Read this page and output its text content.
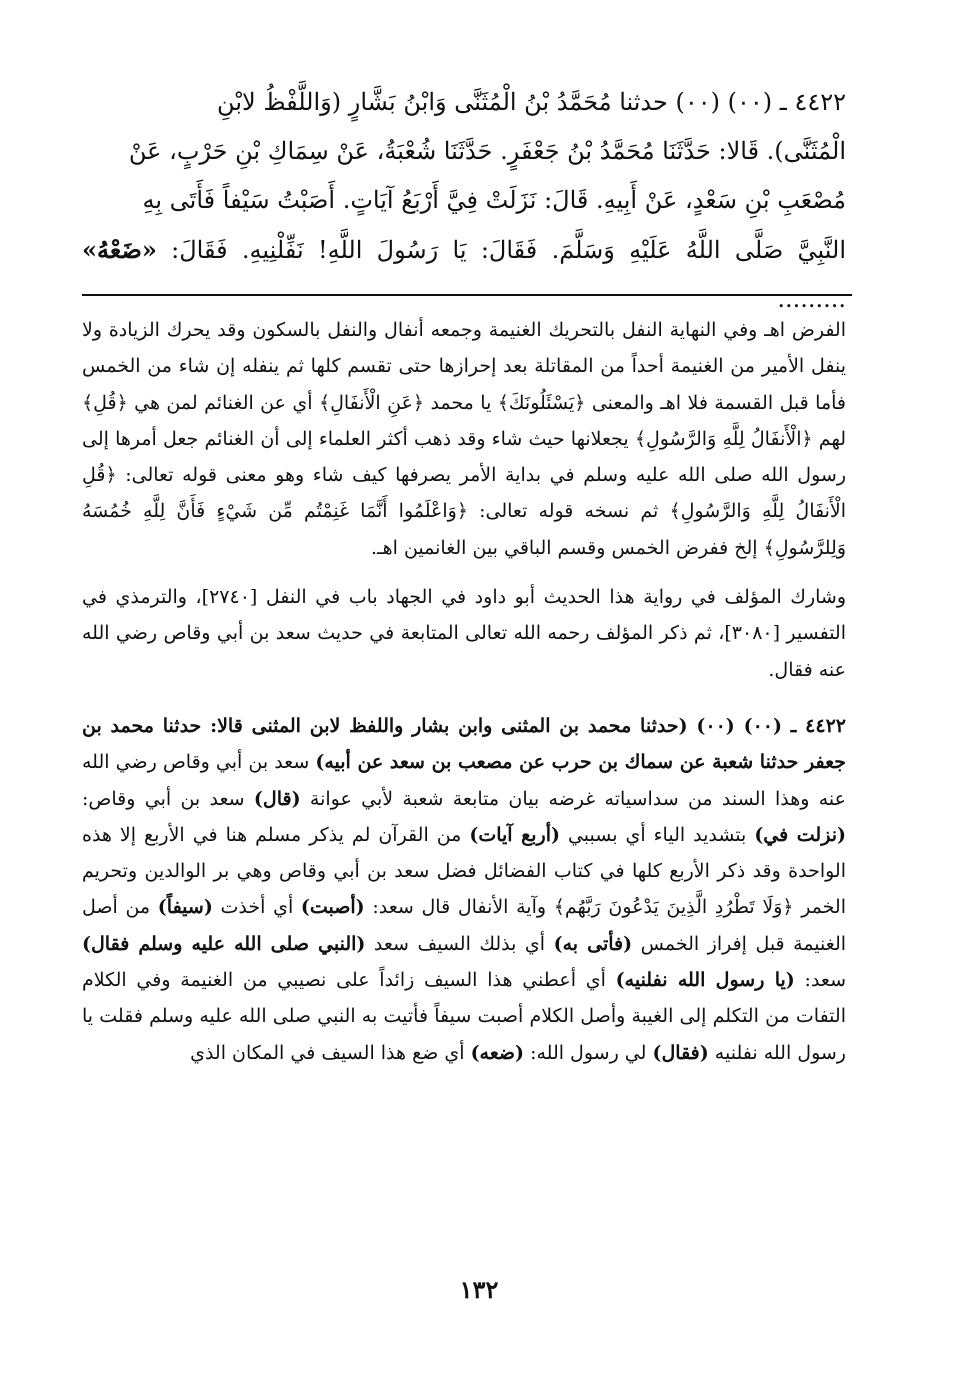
٤٤٢٢ ـ (٠٠) (٠٠) حدثنا مُحَمَّدُ بْنُ الْمُثَنَّى وَابْنُ بَشَّارٍ (وَاللَّفْظُ لابْنِ

الْمُثَنَّى). قَالا: حَدَّثَنَا مُحَمَّدُ بْنُ جَعْفَرٍ. حَدَّثَنَا شُعْبَةُ، عَنْ سِمَاكِ بْنِ حَرْبٍ، عَنْ

مُصْعَبِ بْنِ سَعْدٍ، عَنْ أَبِيهِ. قَالَ: نَزَلَتْ فِيَّ أَرْبَعُ آيَاتٍ. أَصَبْتُ سَيْفاً فَأَتَى بِهِ

النَّبِيَّ صَلَّى اللَّهُ عَلَيْهِ وَسَلَّمَ. فَقَالَ: يَا رَسُولَ اللَّهِ! نَفِّلْنِيهِ. فَقَالَ: «ضَعْهُ» .........

الفرض اهـ وفي النهاية النفل بالتحريك الغنيمة وجمعه أنفال والنفل بالسكون وقد يحرك الزيادة ولا ينفل الأمير من الغنيمة أحداً من المقاتلة بعد إحرازها حتى تقسم كلها ثم ينفله إن شاء من الخمس فأما قبل القسمة فلا اهـ والمعنى ﴿يَسْئَلُونَكَ﴾ يا محمد ﴿عَنِ الْأَنفَالِ﴾ أي عن الغنائم لمن هي ﴿قُلِ﴾ لهم ﴿الْأَنفَالُ لِلَّهِ وَالرَّسُولِ﴾ يجعلانها حيث شاء وقد ذهب أكثر العلماء إلى أن الغنائم جعل أمرها إلى رسول الله صلى الله عليه وسلم في بداية الأمر يصرفها كيف شاء وهو معنى قوله تعالى: ﴿قُلِ الْأَنفَالُ لِلَّهِ وَالرَّسُولِ﴾ ثم نسخه قوله تعالى: ﴿وَاعْلَمُوا أَنَّمَا غَنِمْتُم مِّن شَيْءٍ فَأَنَّ لِلَّهِ خُمُسَهُ وَلِلرَّسُولِ﴾ إلخ ففرض الخمس وقسم الباقي بين الغانمين اهـ.

وشارك المؤلف في رواية هذا الحديث أبو داود في الجهاد باب في النفل [٢٧٤٠]، والترمذي في التفسير [٣٠٨٠]، ثم ذكر المؤلف رحمه الله تعالى المتابعة في حديث سعد بن أبي وقاص رضي الله عنه فقال.

٤٤٢٢ ـ (٠٠) (٠٠) (حدثنا محمد بن المثنى وابن بشار واللفظ لابن المثنى قالا: حدثنا محمد بن جعفر حدثنا شعبة عن سماك بن حرب عن مصعب بن سعد عن أبيه) سعد بن أبي وقاص رضي الله عنه وهذا السند من سداسياته غرضه بيان متابعة شعبة لأبي عوانة (قال) سعد بن أبي وقاص: (نزلت في) بتشديد الياء أي بسببي (أربع آيات) من القرآن لم يذكر مسلم هنا في الأربع إلا هذه الواحدة وقد ذكر الأربع كلها في كتاب الفضائل فضل سعد بن أبي وقاص وهي بر الوالدين وتحريم الخمر ﴿وَلَا تَطْرُدِ الَّذِينَ يَدْعُونَ رَبَّهُم﴾ وآية الأنفال قال سعد: (أصبت) أي أخذت (سيفاً) من أصل الغنيمة قبل إفراز الخمس (فأتى به) أي بذلك السيف سعد (النبي صلى الله عليه وسلم فقال) سعد: (يا رسول الله نفلنيه) أي أعطني هذا السيف زائداً على نصيبي من الغنيمة وفي الكلام التفات من التكلم إلى الغيبة وأصل الكلام أصبت سيفاً فأتيت به النبي صلى الله عليه وسلم فقلت يا رسول الله نفلنيه (فقال) لي رسول الله: (ضعه) أي ضع هذا السيف في المكان الذي

١٣٢
